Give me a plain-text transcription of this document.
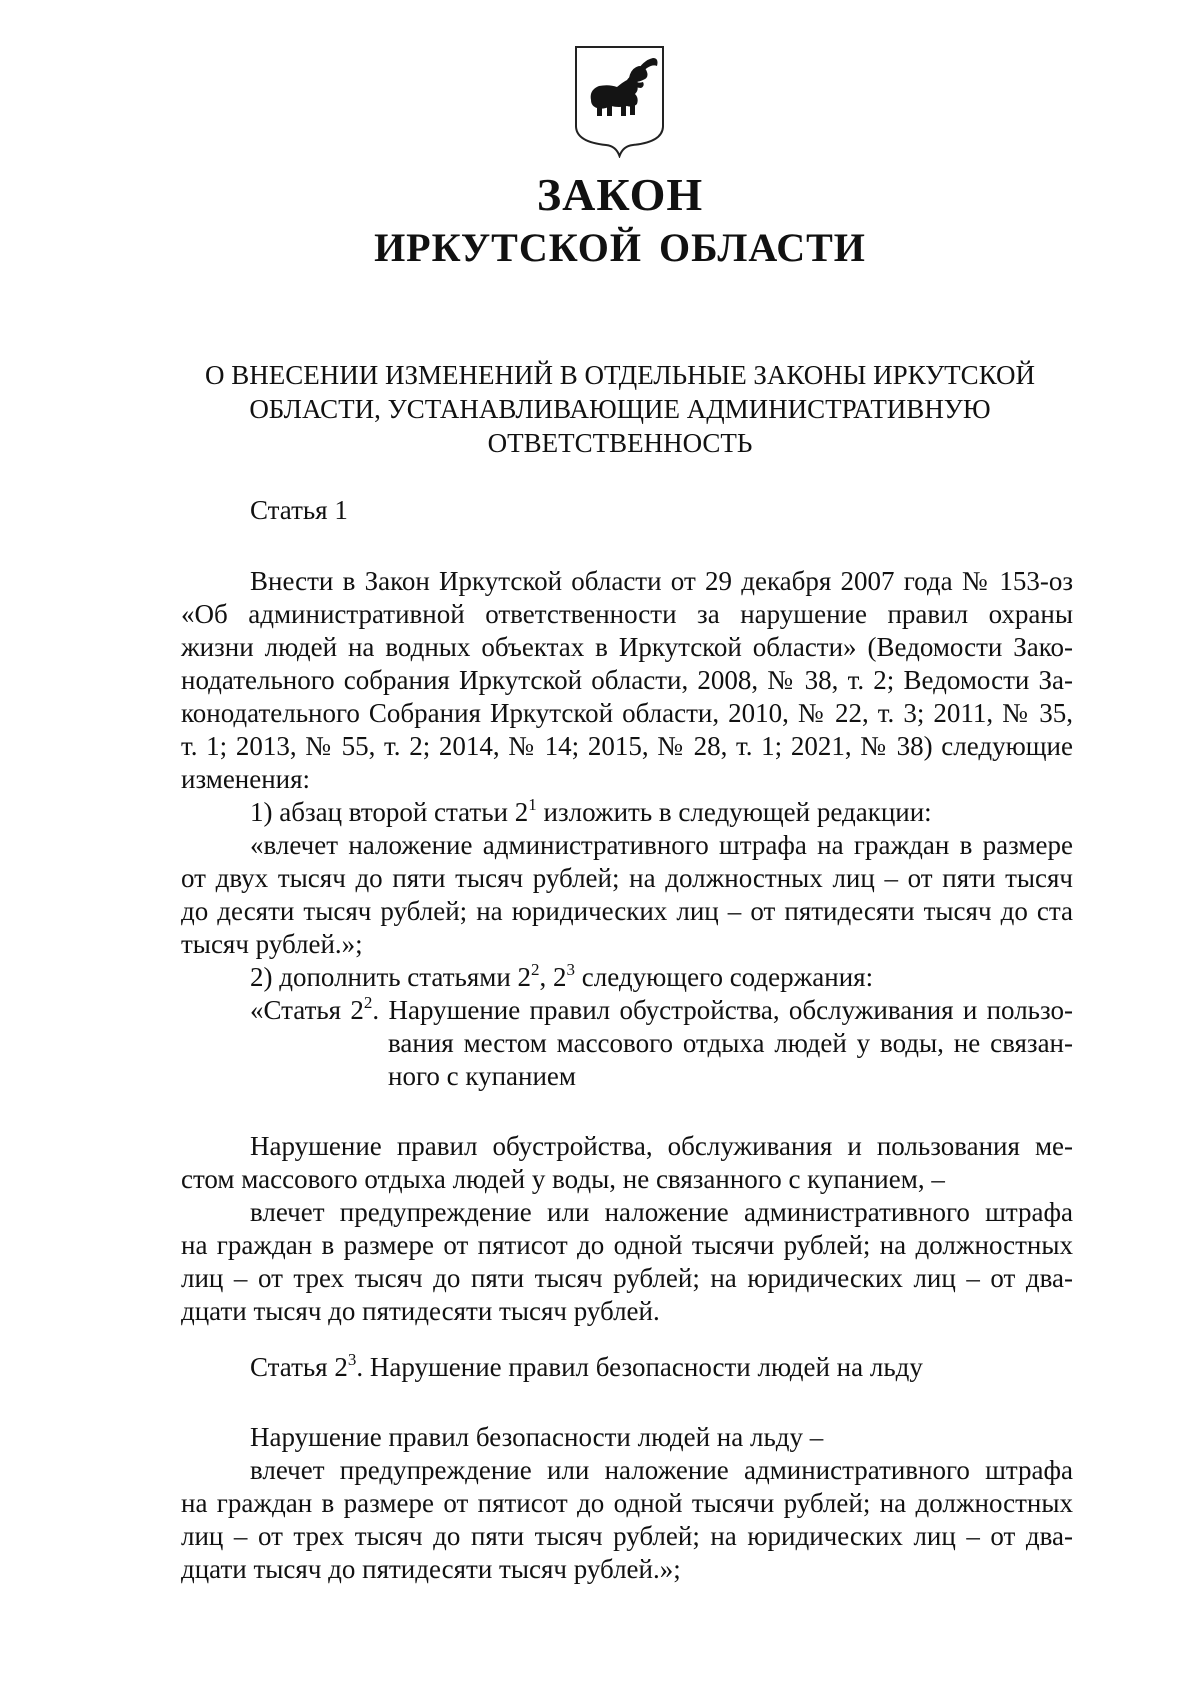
ЗАКОН
ИРКУТСКОЙ ОБЛАСТИ
О ВНЕСЕНИИ ИЗМЕНЕНИЙ В ОТДЕЛЬНЫЕ ЗАКОНЫ ИРКУТСКОЙ
ОБЛАСТИ, УСТАНАВЛИВАЮЩИЕ АДМИНИСТРАТИВНУЮ
ОТВЕТСТВЕННОСТЬ
Статья 1
Внести в Закон Иркутской области от 29 декабря 2007 года № 153-оз
«Об административной ответственности за нарушение правил охраны
жизни людей на водных объектах в Иркутской области» (Ведомости Зако-
нодательного собрания Иркутской области, 2008, № 38, т. 2; Ведомости За-
конодательного Собрания Иркутской области, 2010, № 22, т. 3; 2011, № 35,
т. 1; 2013, № 55, т. 2; 2014, № 14; 2015, № 28, т. 1; 2021, № 38) следующие
изменения:
1) абзац второй статьи $2^1$ изложить в следующей редакции:
«влечет наложение административного штрафа на граждан в размере
от двух тысяч до пяти тысяч рублей; на должностных лиц – от пяти тысяч
до десяти тысяч рублей; на юридических лиц – от пятидесяти тысяч до ста
тысяч рублей.»;
2) дополнить статьями $2^2$, $2^3$ следующего содержания:
«Статья $2^2$. Нарушение правил обустройства, обслуживания и пользо-
вания местом массового отдыха людей у воды, не связан-
ного с купанием
Нарушение правил обустройства, обслуживания и пользования ме-
стом массового отдыха людей у воды, не связанного с купанием, –
влечет предупреждение или наложение административного штрафа
на граждан в размере от пятисот до одной тысячи рублей; на должностных
лиц – от трех тысяч до пяти тысяч рублей; на юридических лиц – от два-
дцати тысяч до пятидесяти тысяч рублей.
Статья $2^3$. Нарушение правил безопасности людей на льду
Нарушение правил безопасности людей на льду –
влечет предупреждение или наложение административного штрафа
на граждан в размере от пятисот до одной тысячи рублей; на должностных
лиц – от трех тысяч до пяти тысяч рублей; на юридических лиц – от два-
дцати тысяч до пятидесяти тысяч рублей.»;
